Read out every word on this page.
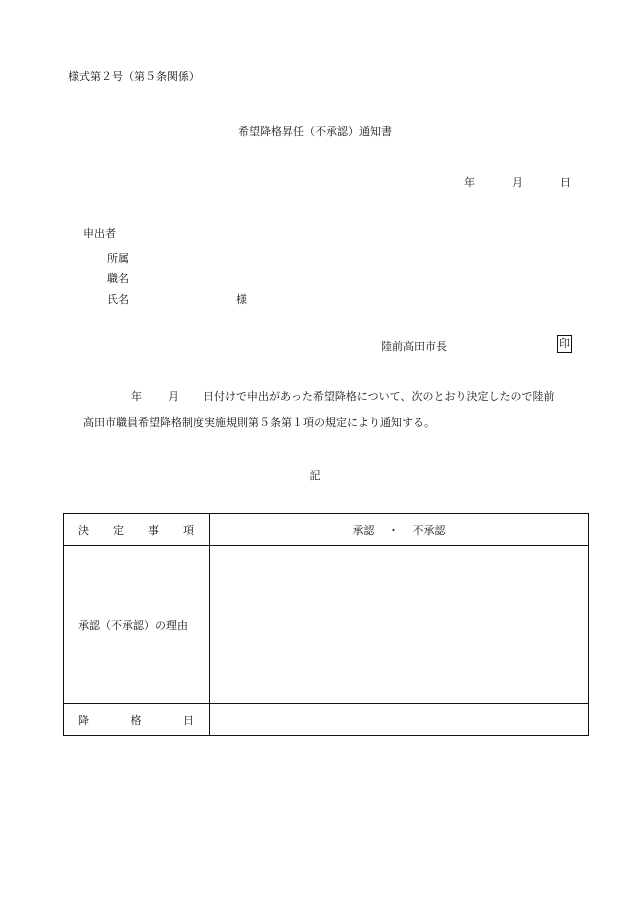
様式第２号（第５条関係）
希望降格昇任（不承認）通知書
年	月	日
申出者
所属
職名
氏名	様
陸前高田市長	印
年 月 日付けで申出があった希望降格について、次のとおり決定したので陸前
高田市職員希望降格制度実施規則第５条第１項の規定により通知する。
記
決 定 事 項	承認 ・ 不承認
承認（不承認）の理由	

降 格 日	
